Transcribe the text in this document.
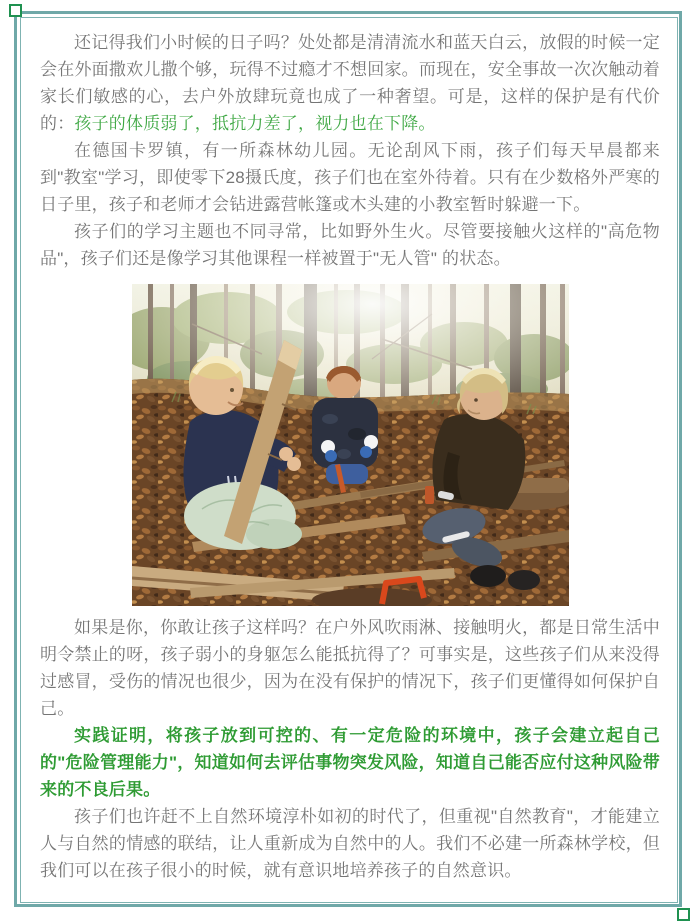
还记得我们小时候的日子吗？处处都是清清流水和蓝天白云，放假的时候一定会在外面撒欢儿撒个够，玩得不过瘾才不想回家。而现在，安全事故一次次触动着家长们敏感的心，去户外放肆玩竟也成了一种奢望。可是，这样的保护是有代价的：孩子的体质弱了，抵抗力差了，视力也在下降。

在德国卡罗镇，有一所森林幼儿园。无论刮风下雨，孩子们每天早晨都来到"教室"学习，即使零下28摄氏度，孩子们也在室外待着。只有在少数格外严寒的日子里，孩子和老师才会钻进露营帐篷或木头建的小教室暂时躲避一下。

孩子们的学习主题也不同寻常，比如野外生火。尽管要接触火这样的"高危物品"，孩子们还是像学习其他课程一样被置于"无人管" 的状态。

如果是你，你敢让孩子这样吗？在户外风吹雨淋、接触明火，都是日常生活中明令禁止的呀，孩子弱小的身躯怎么能抵抗得了？可事实是，这些孩子们从来没得过感冒，受伤的情况也很少，因为在没有保护的情况下，孩子们更懂得如何保护自己。

实践证明，将孩子放到可控的、有一定危险的环境中，孩子会建立起自己的"危险管理能力"，知道如何去评估事物突发风险，知道自己能否应付这种风险带来的不良后果。

孩子们也许赶不上自然环境淳朴如初的时代了，但重视"自然教育"，才能建立人与自然的情感的联结，让人重新成为自然中的人。我们不必建一所森林学校，但我们可以在孩子很小的时候，就有意识地培养孩子的自然意识。
